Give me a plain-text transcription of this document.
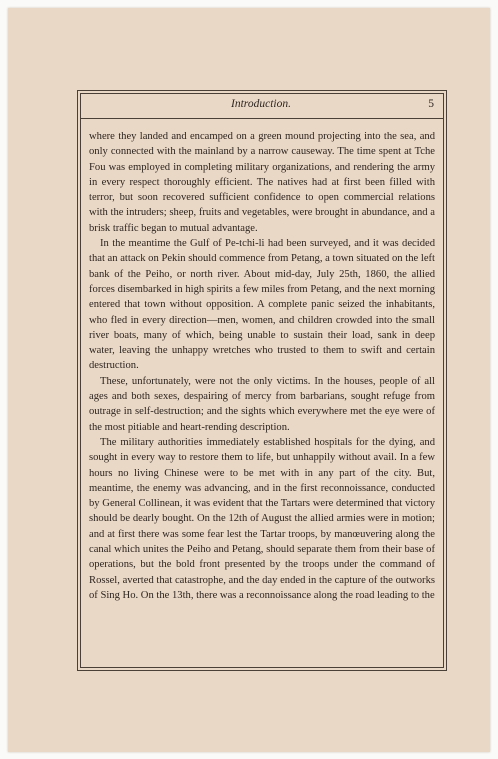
Introduction.	5

where they landed and encamped on a green mound projecting into the sea, and only connected with the mainland by a narrow causeway. The time spent at Tche Fou was employed in completing military organizations, and rendering the army in every respect thoroughly efficient. The natives had at first been filled with terror, but soon recovered sufficient confidence to open commercial relations with the intruders; sheep, fruits and vegetables, were brought in abundance, and a brisk traffic began to mutual advantage.

In the meantime the Gulf of Pe-tchi-li had been surveyed, and it was decided that an attack on Pekin should commence from Petang, a town situated on the left bank of the Peiho, or north river. About mid-day, July 25th, 1860, the allied forces disembarked in high spirits a few miles from Petang, and the next morning entered that town without opposition. A complete panic seized the inhabitants, who fled in every direction—men, women, and children crowded into the small river boats, many of which, being unable to sustain their load, sank in deep water, leaving the unhappy wretches who trusted to them to swift and certain destruction.

These, unfortunately, were not the only victims. In the houses, people of all ages and both sexes, despairing of mercy from barbarians, sought refuge from outrage in self-destruction; and the sights which everywhere met the eye were of the most pitiable and heart-rending description.

The military authorities immediately established hospitals for the dying, and sought in every way to restore them to life, but unhappily without avail. In a few hours no living Chinese were to be met with in any part of the city. But, meantime, the enemy was advancing, and in the first reconnoissance, conducted by General Collinean, it was evident that the Tartars were determined that victory should be dearly bought. On the 12th of August the allied armies were in motion; and at first there was some fear lest the Tartar troops, by manœuvering along the canal which unites the Peiho and Petang, should separate them from their base of operations, but the bold front presented by the troops under the command of Rossel, averted that catastrophe, and the day ended in the capture of the outworks of Sing Ho. On the 13th, there was a reconnoissance along the road leading to the
